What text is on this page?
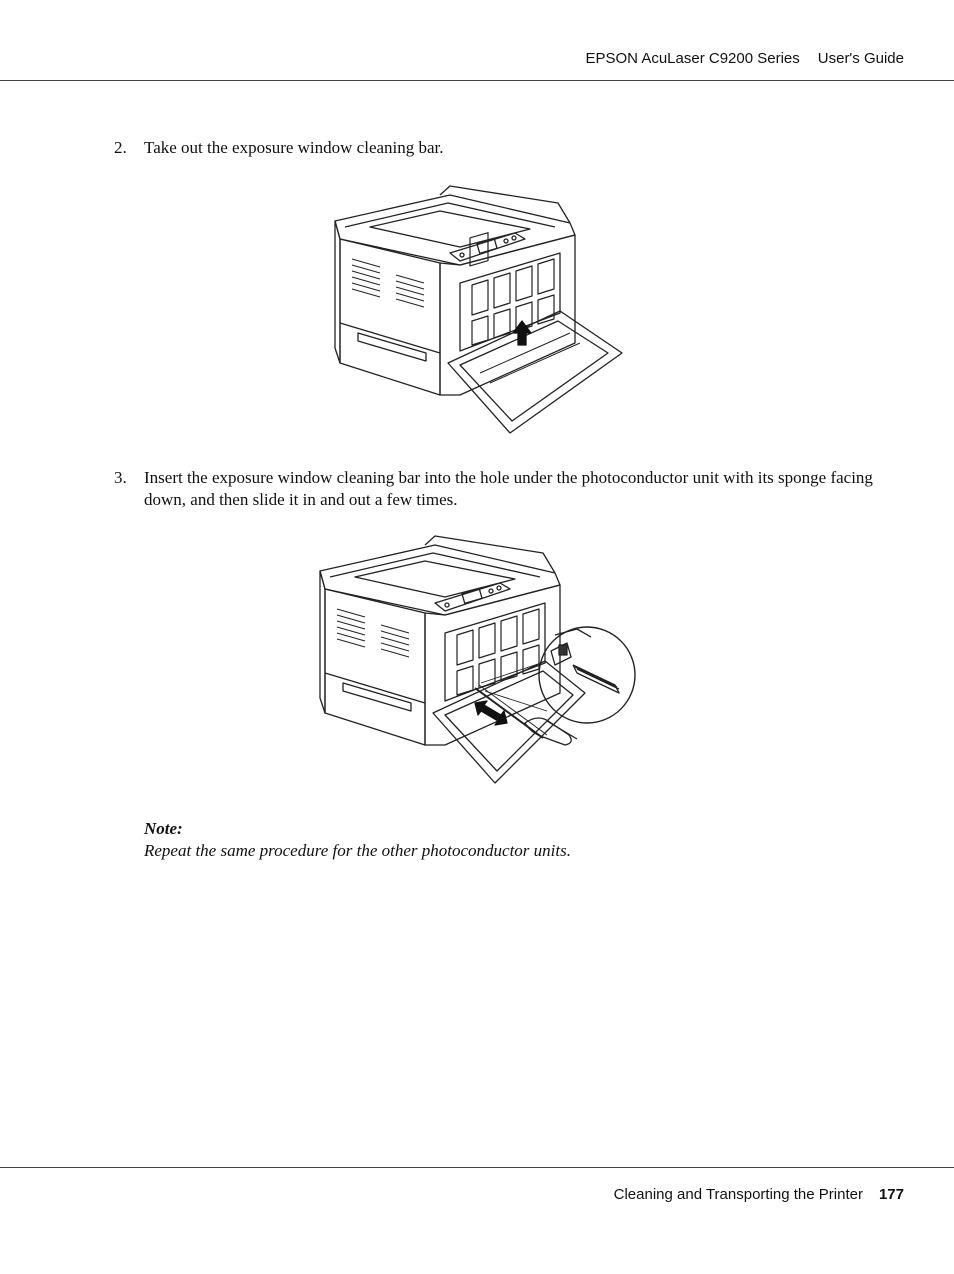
EPSON AcuLaser C9200 Series User's Guide
2. Take out the exposure window cleaning bar.
3. Insert the exposure window cleaning bar into the hole under the photoconductor unit with its sponge facing down, and then slide it in and out a few times.
Note:
Repeat the same procedure for the other photoconductor units.
Cleaning and Transporting the Printer 177
